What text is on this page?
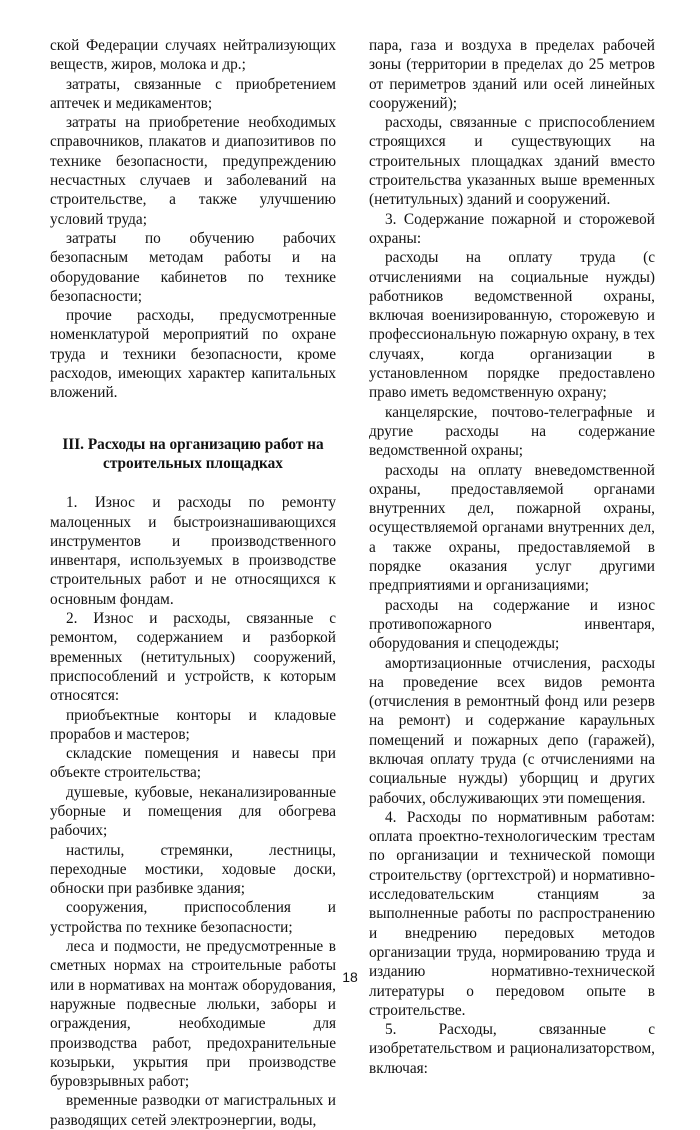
ской Федерации случаях нейтрализующих веществ, жиров, молока и др.;

затраты, связанные с приобретением аптечек и медикаментов;

затраты на приобретение необходимых справочников, плакатов и диапозитивов по технике безопасности, предупреждению несчастных случаев и заболеваний на строительстве, а также улучшению условий труда;

затраты по обучению рабочих безопасным методам работы и на оборудование кабинетов по технике безопасности;

прочие расходы, предусмотренные номенклатурой мероприятий по охране труда и техники безопасности, кроме расходов, имеющих характер капитальных вложений.

III. Расходы на организацию работ на строительных площадках

1. Износ и расходы по ремонту малоценных и быстроизнашивающихся инструментов и производственного инвентаря, используемых в производстве строительных работ и не относящихся к основным фондам.

2. Износ и расходы, связанные с ремонтом, содержанием и разборкой временных (нетитульных) сооружений, приспособлений и устройств, к которым относятся:

приобъектные конторы и кладовые прорабов и мастеров;

складские помещения и навесы при объекте строительства;

душевые, кубовые, неканализированные уборные и помещения для обогрева рабочих;

настилы, стремянки, лестницы, переходные мостики, ходовые доски, обноски при разбивке здания;

сооружения, приспособления и устройства по технике безопасности;

леса и подмости, не предусмотренные в сметных нормах на строительные работы или в нормативах на монтаж оборудования, наружные подвесные люльки, заборы и ограждения, необходимые для производства работ, предохранительные козырьки, укрытия при производстве буровзрывных работ;

временные разводки от магистральных и разводящих сетей электроэнергии, воды,

пара, газа и воздуха в пределах рабочей зоны (территории в пределах до 25 метров от периметров зданий или осей линейных сооружений);

расходы, связанные с приспособлением строящихся и существующих на строительных площадках зданий вместо строительства указанных выше временных (нетитульных) зданий и сооружений.

3. Содержание пожарной и сторожевой охраны:

расходы на оплату труда (с отчислениями на социальные нужды) работников ведомственной охраны, включая военизированную, сторожевую и профессиональную пожарную охрану, в тех случаях, когда организации в установленном порядке предоставлено право иметь ведомственную охрану;

канцелярские, почтово-телеграфные и другие расходы на содержание ведомственной охраны;

расходы на оплату вневедомственной охраны, предоставляемой органами внутренних дел, пожарной охраны, осуществляемой органами внутренних дел, а также охраны, предоставляемой в порядке оказания услуг другими предприятиями и организациями;

расходы на содержание и износ противопожарного инвентаря, оборудования и спецодежды;

амортизационные отчисления, расходы на проведение всех видов ремонта (отчисления в ремонтный фонд или резерв на ремонт) и содержание караульных помещений и пожарных депо (гаражей), включая оплату труда (с отчислениями на социальные нужды) уборщиц и других рабочих, обслуживающих эти помещения.

4. Расходы по нормативным работам: оплата проектно-технологическим трестам по организации и технической помощи строительству (оргтехстрой) и нормативно-исследовательским станциям за выполненные работы по распространению и внедрению передовых методов организации труда, нормированию труда и изданию нормативно-технической литературы о передовом опыте в строительстве.

5. Расходы, связанные с изобретательством и рационализаторством, включая:

18
